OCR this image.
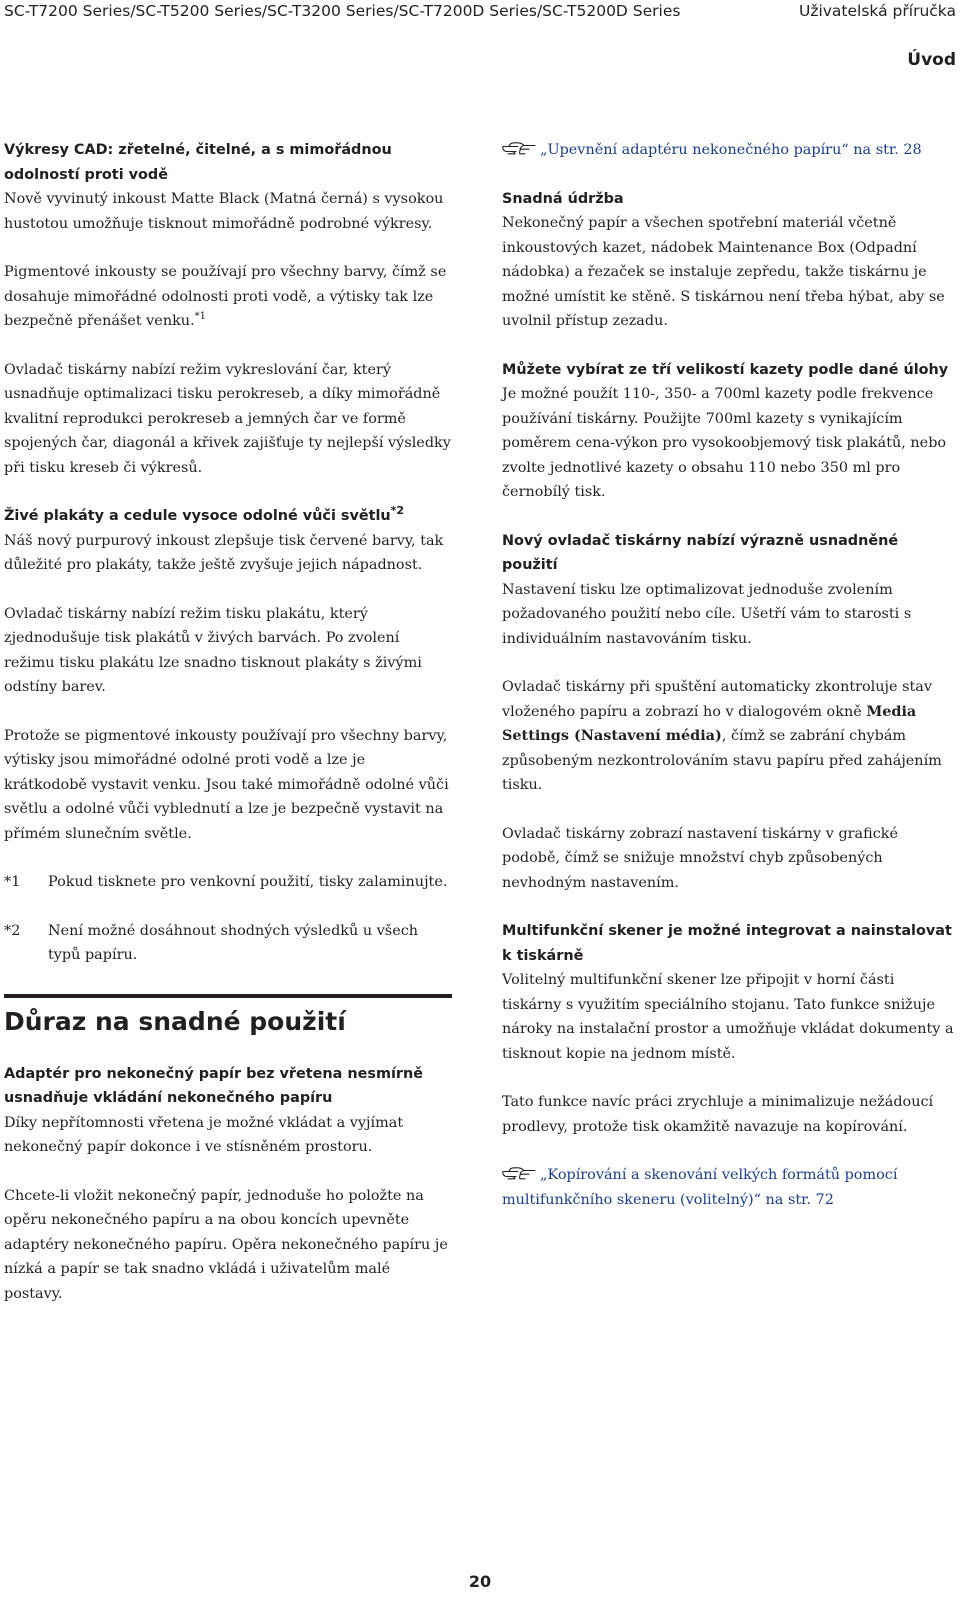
SC-T7200 Series/SC-T5200 Series/SC-T3200 Series/SC-T7200D Series/SC-T5200D Series	Uživatelská příručka
Úvod
Výkresy CAD: zřetelné, čitelné, a s mimořádnou odolností proti vodě

Nově vyvinutý inkoust Matte Black (Matná černá) s vysokou hustotou umožňuje tisknout mimořádně podrobné výkresy.

Pigmentové inkousty se používají pro všechny barvy, čímž se dosahuje mimořádné odolnosti proti vodě, a výtisky tak lze bezpečně přenášet venku.$^{*1}$

Ovladač tiskárny nabízí režim vykreslování čar, který usnadňuje optimalizaci tisku perokreseb, a díky mimořádně kvalitní reprodukci perokreseb a jemných čar ve formě spojených čar, diagonál a křivek zajišťuje ty nejlepší výsledky při tisku kreseb či výkresů.

Živé plakáty a cedule vysoce odolné vůči světlu$^{*2}$

Náš nový purpurový inkoust zlepšuje tisk červené barvy, tak důležité pro plakáty, takže ještě zvyšuje jejich nápadnost.

Ovladač tiskárny nabízí režim tisku plakátu, který zjednodušuje tisk plakátů v živých barvách. Po zvolení režimu tisku plakátu lze snadno tisknout plakáty s živými odstíny barev.

Protože se pigmentové inkousty používají pro všechny barvy, výtisky jsou mimořádné odolné proti vodě a lze je krátkodobě vystavit venku. Jsou také mimořádně odolné vůči světlu a odolné vůči vyblednutí a lze je bezpečně vystavit na přímém slunečním světle.

*1	Pokud tisknete pro venkovní použití, tisky zalaminujte.
*2	Není možné dosáhnout shodných výsledků u všech typů papíru.
Důraz na snadné použití
Adaptér pro nekonečný papír bez vřetena nesmírně usnadňuje vkládání nekonečného papíru

Díky nepřítomnosti vřetena je možné vkládat a vyjímat nekonečný papír dokonce i ve stísněném prostoru.

Chcete-li vložit nekonečný papír, jednoduše ho položte na opěru nekonečného papíru a na obou koncích upevněte adaptéry nekonečného papíru. Opěra nekonečného papíru je nízká a papír se tak snadno vkládá i uživatelům malé postavy.

„Upevnění adaptéru nekonečného papíru“ na str. 28

Snadná údržba

Nekonečný papír a všechen spotřební materiál včetně inkoustových kazet, nádobek Maintenance Box (Odpadní nádobka) a řezaček se instaluje zepředu, takže tiskárnu je možné umístit ke stěně. S tiskárnou není třeba hýbat, aby se uvolnil přístup zezadu.

Můžete vybírat ze tří velikostí kazety podle dané úlohy

Je možné použít 110-, 350- a 700ml kazety podle frekvence používání tiskárny. Použijte 700ml kazety s vynikajícím poměrem cena-výkon pro vysokoobjemový tisk plakátů, nebo zvolte jednotlivé kazety o obsahu 110 nebo 350 ml pro černobílý tisk.

Nový ovladač tiskárny nabízí výrazně usnadněné použití

Nastavení tisku lze optimalizovat jednoduše zvolením požadovaného použití nebo cíle. Ušetří vám to starosti s individuálním nastavováním tisku.

Ovladač tiskárny při spuštění automaticky zkontroluje stav vloženého papíru a zobrazí ho v dialogovém okně Media Settings (Nastavení média), čímž se zabrání chybám způsobeným nezkontrolováním stavu papíru před zahájením tisku.

Ovladač tiskárny zobrazí nastavení tiskárny v grafické podobě, čímž se snižuje množství chyb způsobených nevhodným nastavením.

Multifunkční skener je možné integrovat a nainstalovat k tiskárně

Volitelný multifunkční skener lze připojit v horní části tiskárny s využitím speciálního stojanu. Tato funkce snižuje nároky na instalační prostor a umožňuje vkládat dokumenty a tisknout kopie na jednom místě.

Tato funkce navíc práci zrychluje a minimalizuje nežádoucí prodlevy, protože tisk okamžitě navazuje na kopírování.

„Kopírování a skenování velkých formátů pomocí multifunkčního skeneru (volitelný)“ na str. 72

20
